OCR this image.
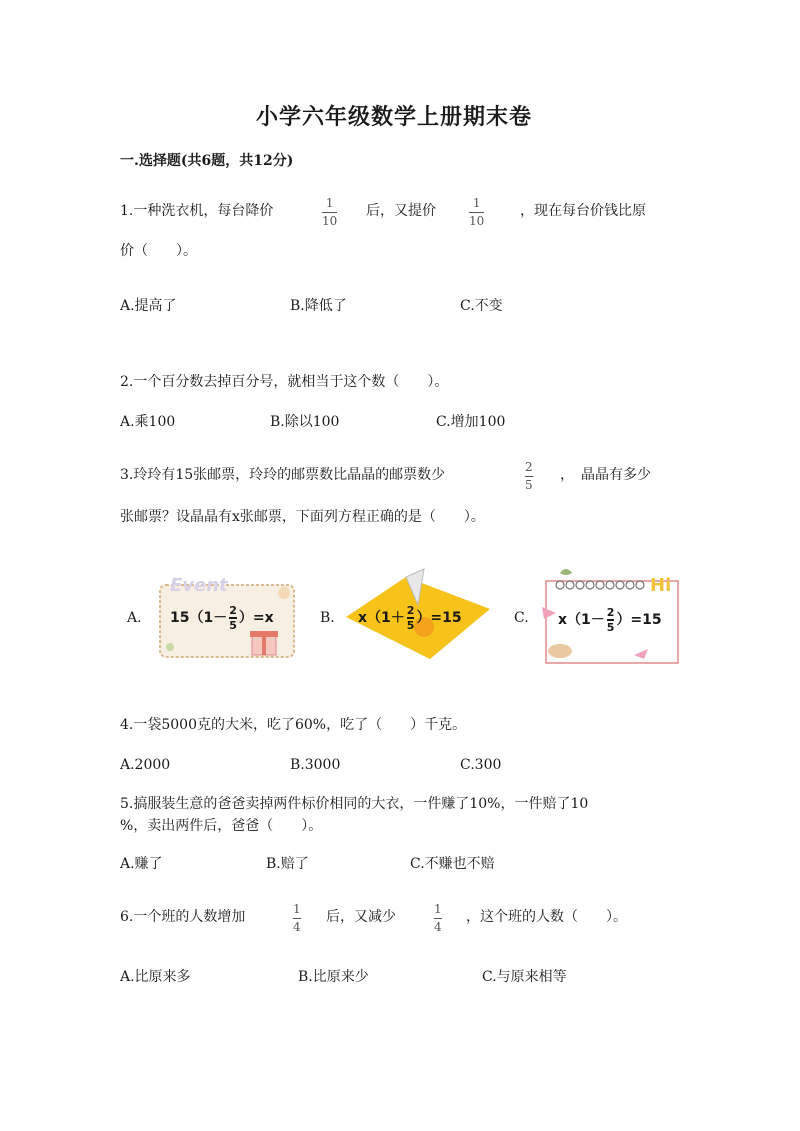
小学六年级数学上册期末卷
一.选择题(共6题，共12分)
1.一种洗衣机，每台降价	1
10
后，又提价	1
10
，现在每台价钱比原
价（　　）。
A.提高了	B.降低了	C.不变
2.一个百分数去掉百分号，就相当于这个数（　　）。
A.乘100	B.除以100	C.增加100
3.玲玲有15张邮票，玲玲的邮票数比晶晶的邮票数少	2
5
，　晶晶有多少
张邮票？设晶晶有x张邮票，下面列方程正确的是（　　）。
A.
Event
$15(1- \frac{2}{5} )=x$	B. $x(1+ \frac{2}{5} )=15$	C.
Hi
$x(1- \frac{2}{5} )=15$
4.一袋5000克的大米，吃了60%，吃了（　　）千克。
A.2000	B.3000	C.300
5.搞服装生意的爸爸卖掉两件标价相同的大衣，一件赚了10%，一件赔了10
%，卖出两件后，爸爸（　　）。
A.赚了	B.赔了	C.不赚也不赔
6.一个班的人数增加	1
4
后，又减少	1
4
，这个班的人数（　　）。
A.比原来多	B.比原来少	C.与原来相等
